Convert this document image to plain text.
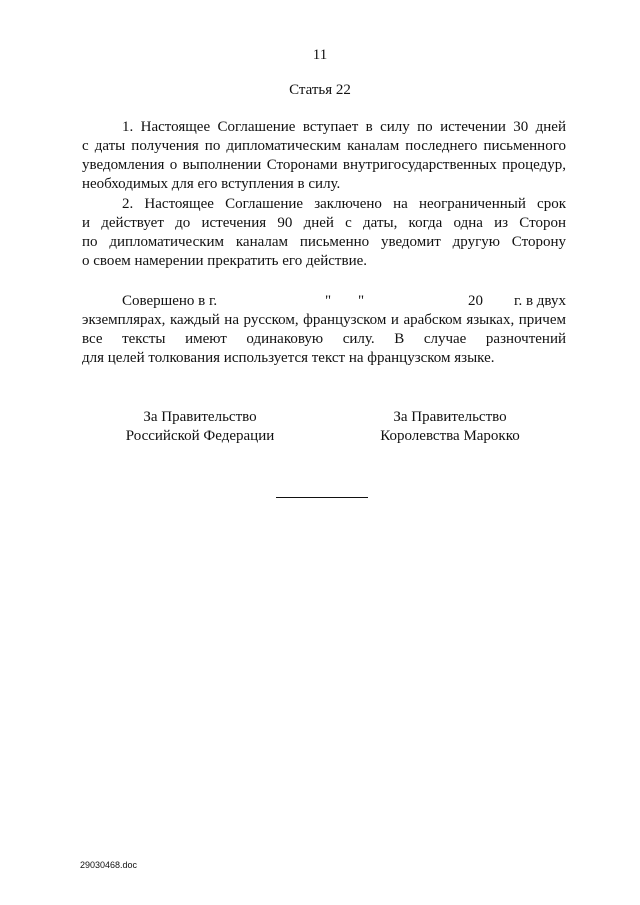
11
Статья 22
1. Настоящее Соглашение вступает в силу по истечении 30 дней
с даты получения по дипломатическим каналам последнего письменного
уведомления о выполнении Сторонами внутригосударственных процедур,
необходимых для его вступления в силу.
2. Настоящее Соглашение заключено на неограниченный срок
и действует до истечения 90 дней с даты, когда одна из Сторон
по дипломатическим каналам письменно уведомит другую Сторону
о своем намерении прекратить его действие.
Совершено в г.	" "	20 г. в двух
экземплярах, каждый на русском, французском и арабском языках, причем
все тексты имеют одинаковую силу. В случае разночтений
для целей толкования используется текст на французском языке.
За Правительство
Российской Федерации
За Правительство
Королевства Марокко
29030468.doc
